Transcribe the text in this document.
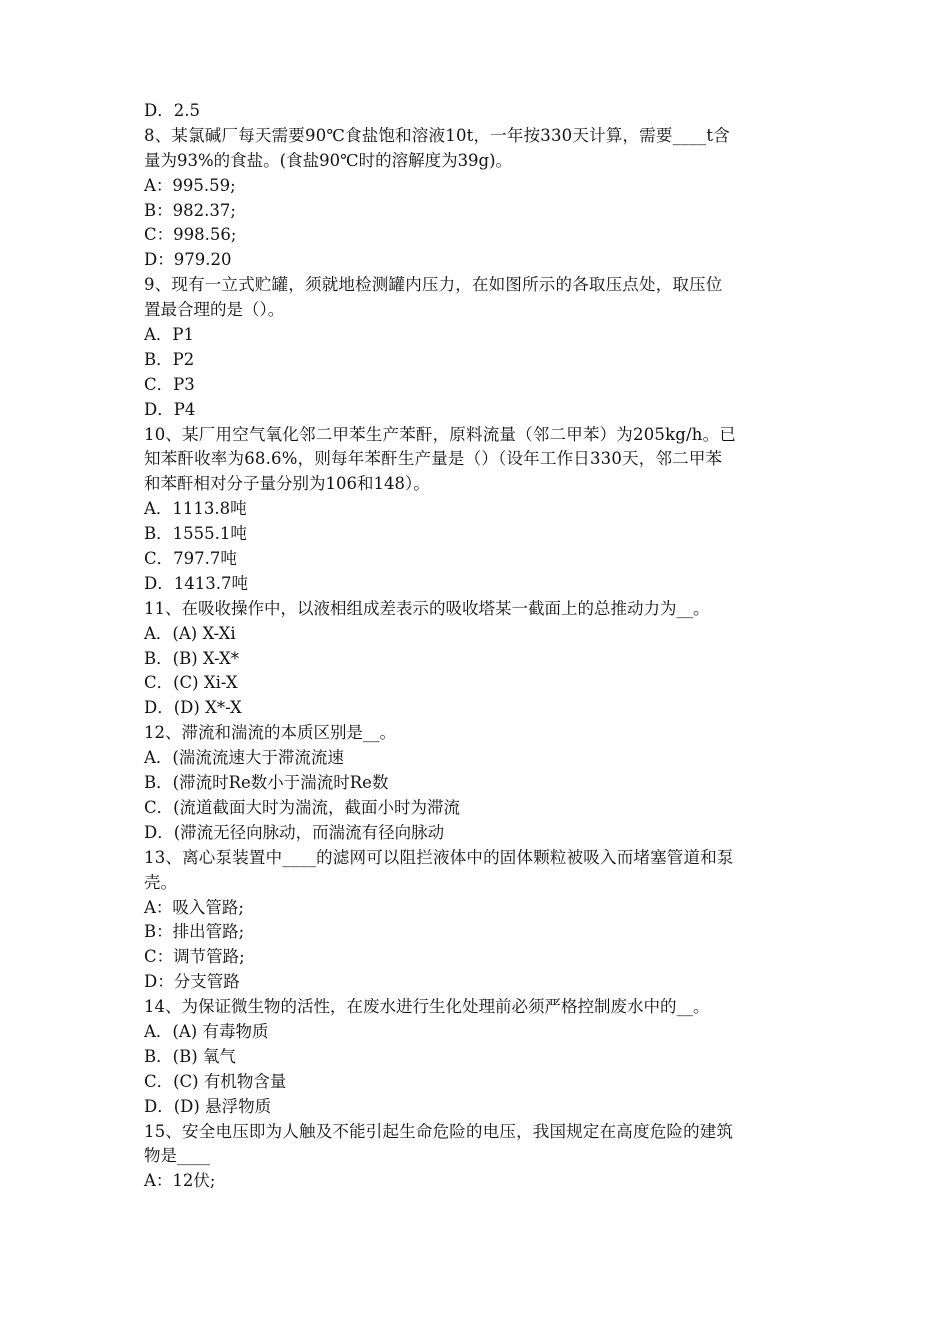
D．2.5
8、某氯碱厂每天需要90℃食盐饱和溶液10t，一年按330天计算，需要____t含
量为93%的食盐。(食盐90℃时的溶解度为39g)。
A：995.59;
B：982.37;
C：998.56;
D：979.20
9、现有一立式贮罐，须就地检测罐内压力，在如图所示的各取压点处，取压位
置最合理的是（）。
A．P1
B．P2
C．P3
D．P4
10、某厂用空气氧化邻二甲苯生产苯酐，原料流量（邻二甲苯）为205kg/h。已
知苯酐收率为68.6%，则每年苯酐生产量是（）（设年工作日330天，邻二甲苯
和苯酐相对分子量分别为106和148）。
A．1113.8吨
B．1555.1吨
C．797.7吨
D．1413.7吨
11、在吸收操作中，以液相组成差表示的吸收塔某一截面上的总推动力为__。
A．(A) X-Xi
B．(B) X-X*
C．(C) Xi-X
D．(D) X*-X
12、滞流和湍流的本质区别是__。
A．(湍流流速大于滞流流速
B．(滞流时Re数小于湍流时Re数
C．(流道截面大时为湍流，截面小时为滞流
D．(滞流无径向脉动，而湍流有径向脉动
13、离心泵装置中____的滤网可以阻拦液体中的固体颗粒被吸入而堵塞管道和泵
壳。
A：吸入管路;
B：排出管路;
C：调节管路;
D：分支管路
14、为保证微生物的活性，在废水进行生化处理前必须严格控制废水中的__。
A．(A) 有毒物质
B．(B) 氧气
C．(C) 有机物含量
D．(D) 悬浮物质
15、安全电压即为人触及不能引起生命危险的电压，我国规定在高度危险的建筑
物是____
A：12伏;
